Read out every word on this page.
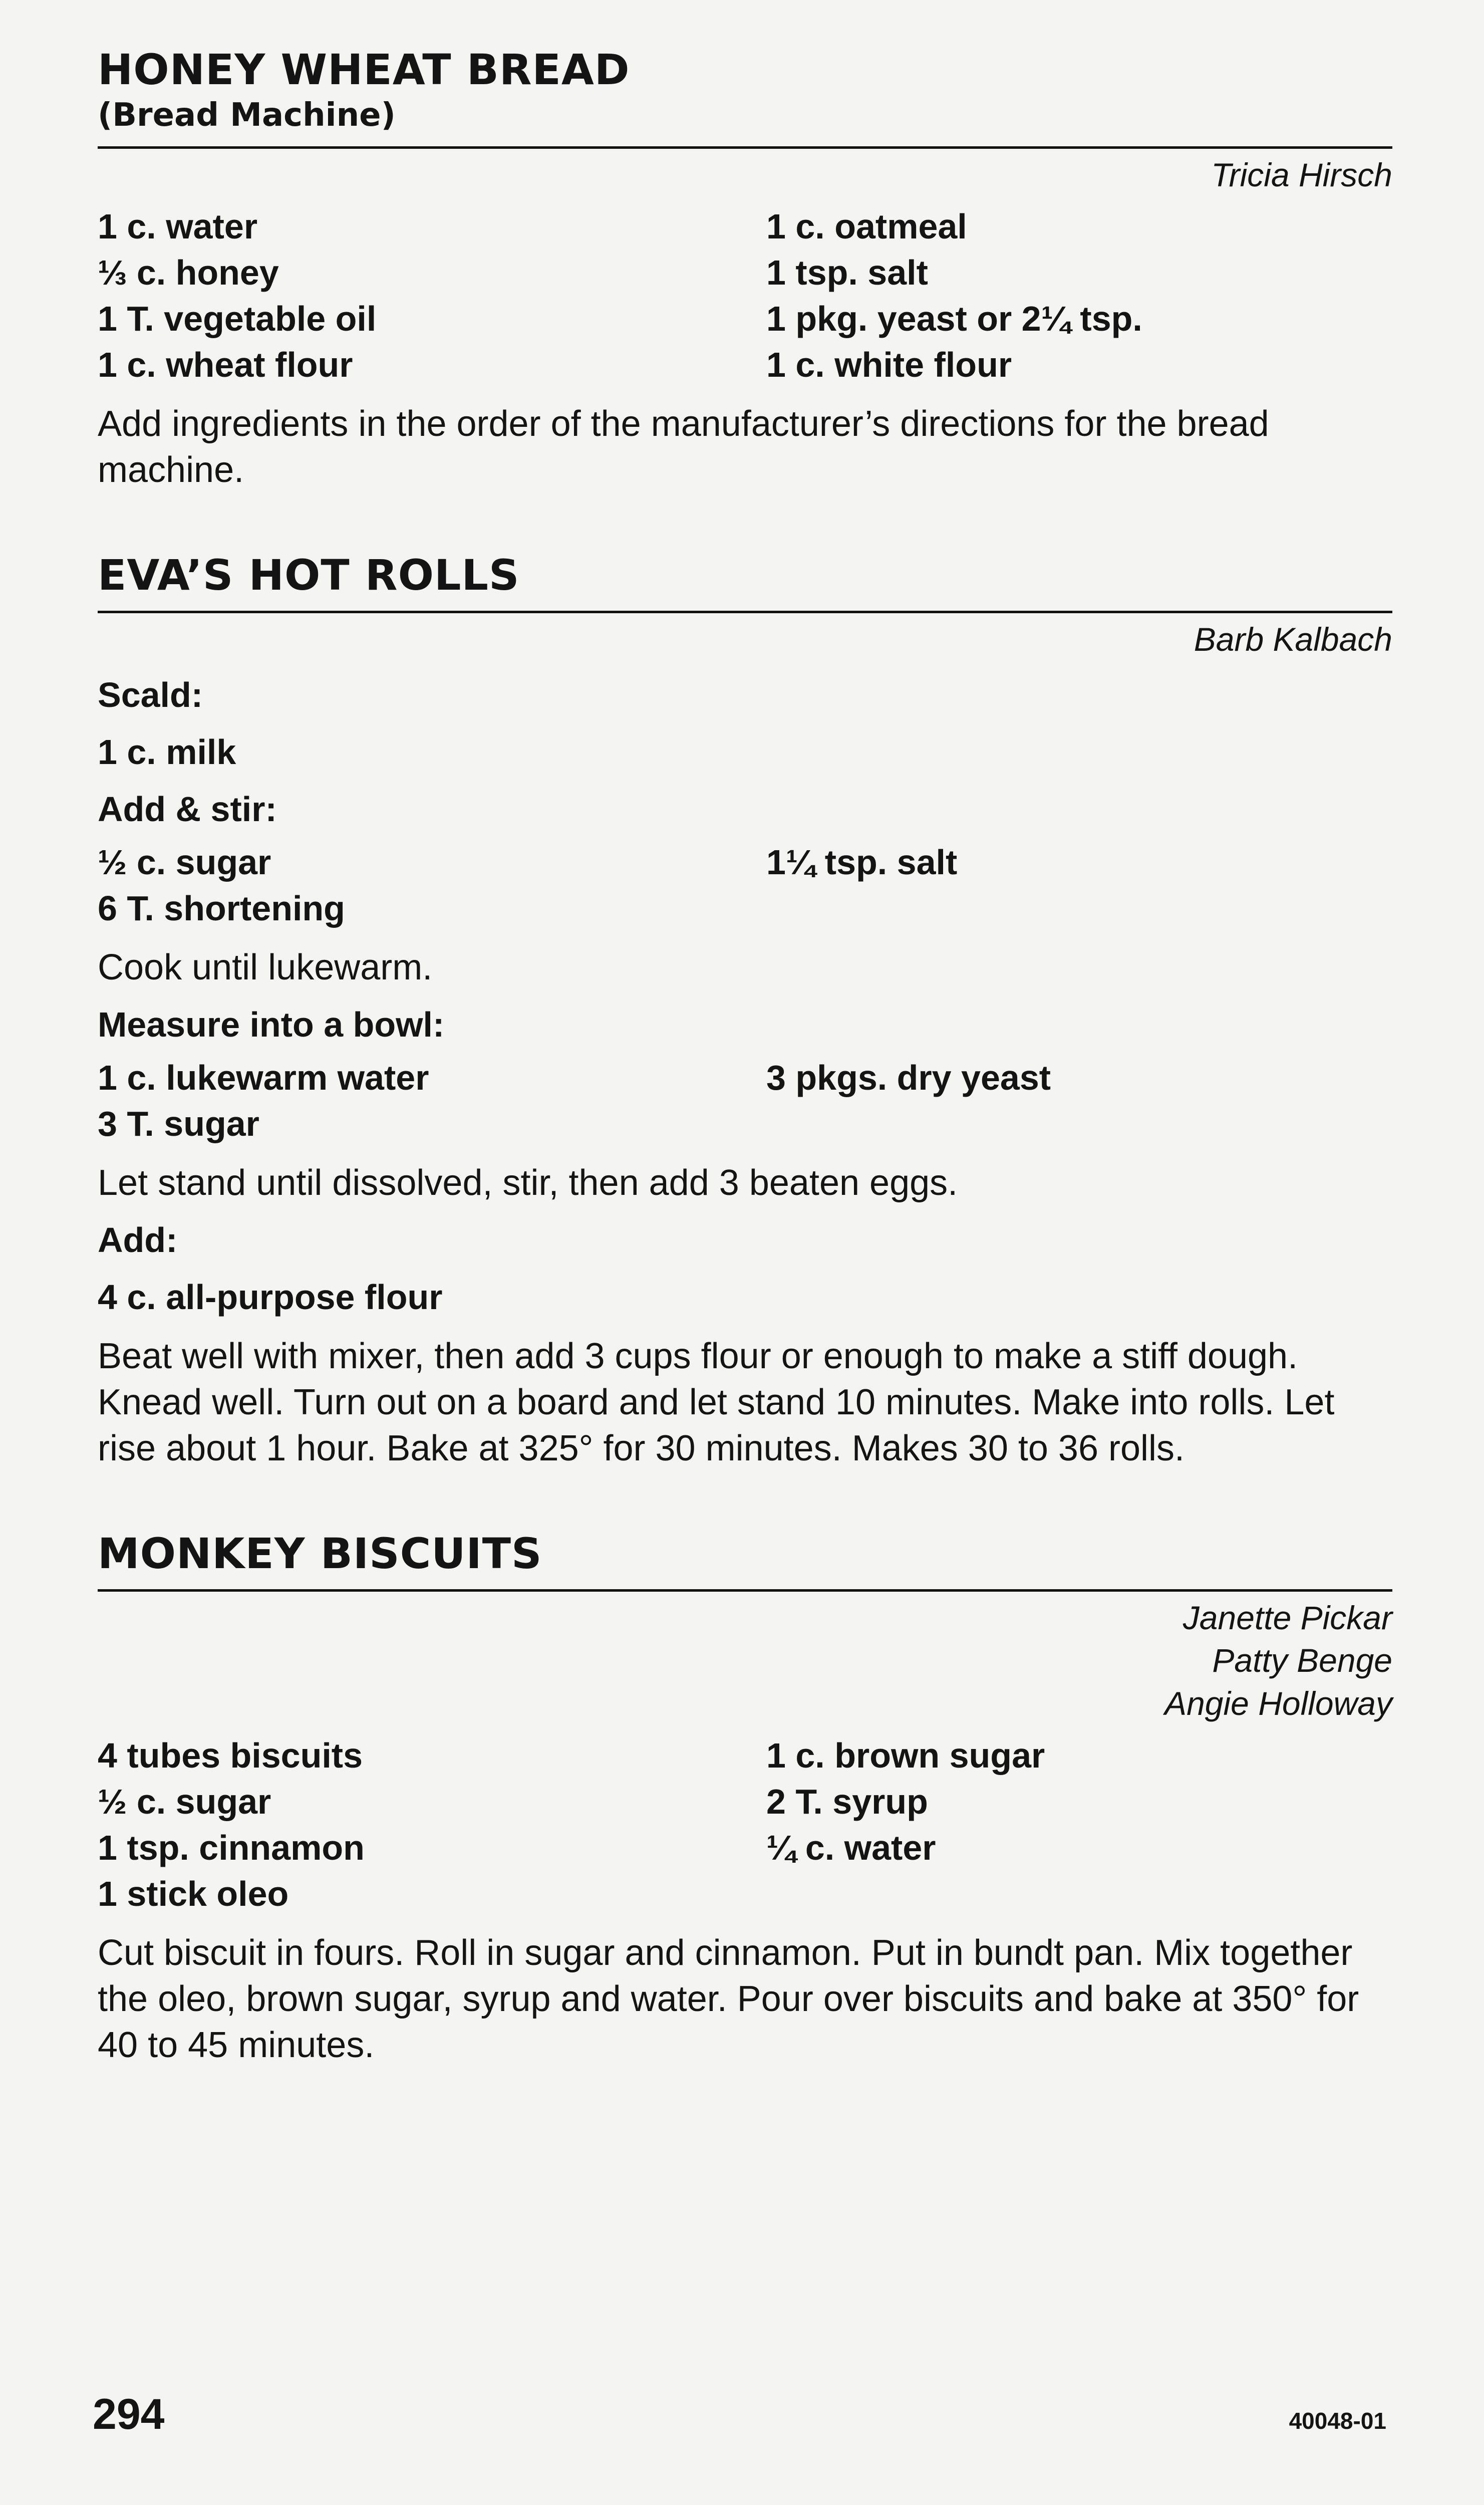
HONEY WHEAT BREAD
(Bread Machine)
Tricia Hirsch
1 c. water	1 c. oatmeal
⅓ c. honey	1 tsp. salt
1 T. vegetable oil	1 pkg. yeast or 2¼ tsp.
1 c. wheat flour	1 c. white flour
Add ingredients in the order of the manufacturer’s directions for the bread machine.
EVA’S HOT ROLLS
Barb Kalbach
Scald:
1 c. milk
Add & stir:
½ c. sugar	1¼ tsp. salt
6 T. shortening
Cook until lukewarm.
Measure into a bowl:
1 c. lukewarm water	3 pkgs. dry yeast
3 T. sugar
Let stand until dissolved, stir, then add 3 beaten eggs.
Add:
4 c. all-purpose flour
Beat well with mixer, then add 3 cups flour or enough to make a stiff dough. Knead well. Turn out on a board and let stand 10 minutes. Make into rolls. Let rise about 1 hour. Bake at 325° for 30 minutes. Makes 30 to 36 rolls.
MONKEY BISCUITS
Janette Pickar
Patty Benge
Angie Holloway
4 tubes biscuits	1 c. brown sugar
½ c. sugar	2 T. syrup
1 tsp. cinnamon	¼ c. water
1 stick oleo
Cut biscuit in fours. Roll in sugar and cinnamon. Put in bundt pan. Mix together the oleo, brown sugar, syrup and water. Pour over biscuits and bake at 350° for 40 to 45 minutes.
294	40048-01
